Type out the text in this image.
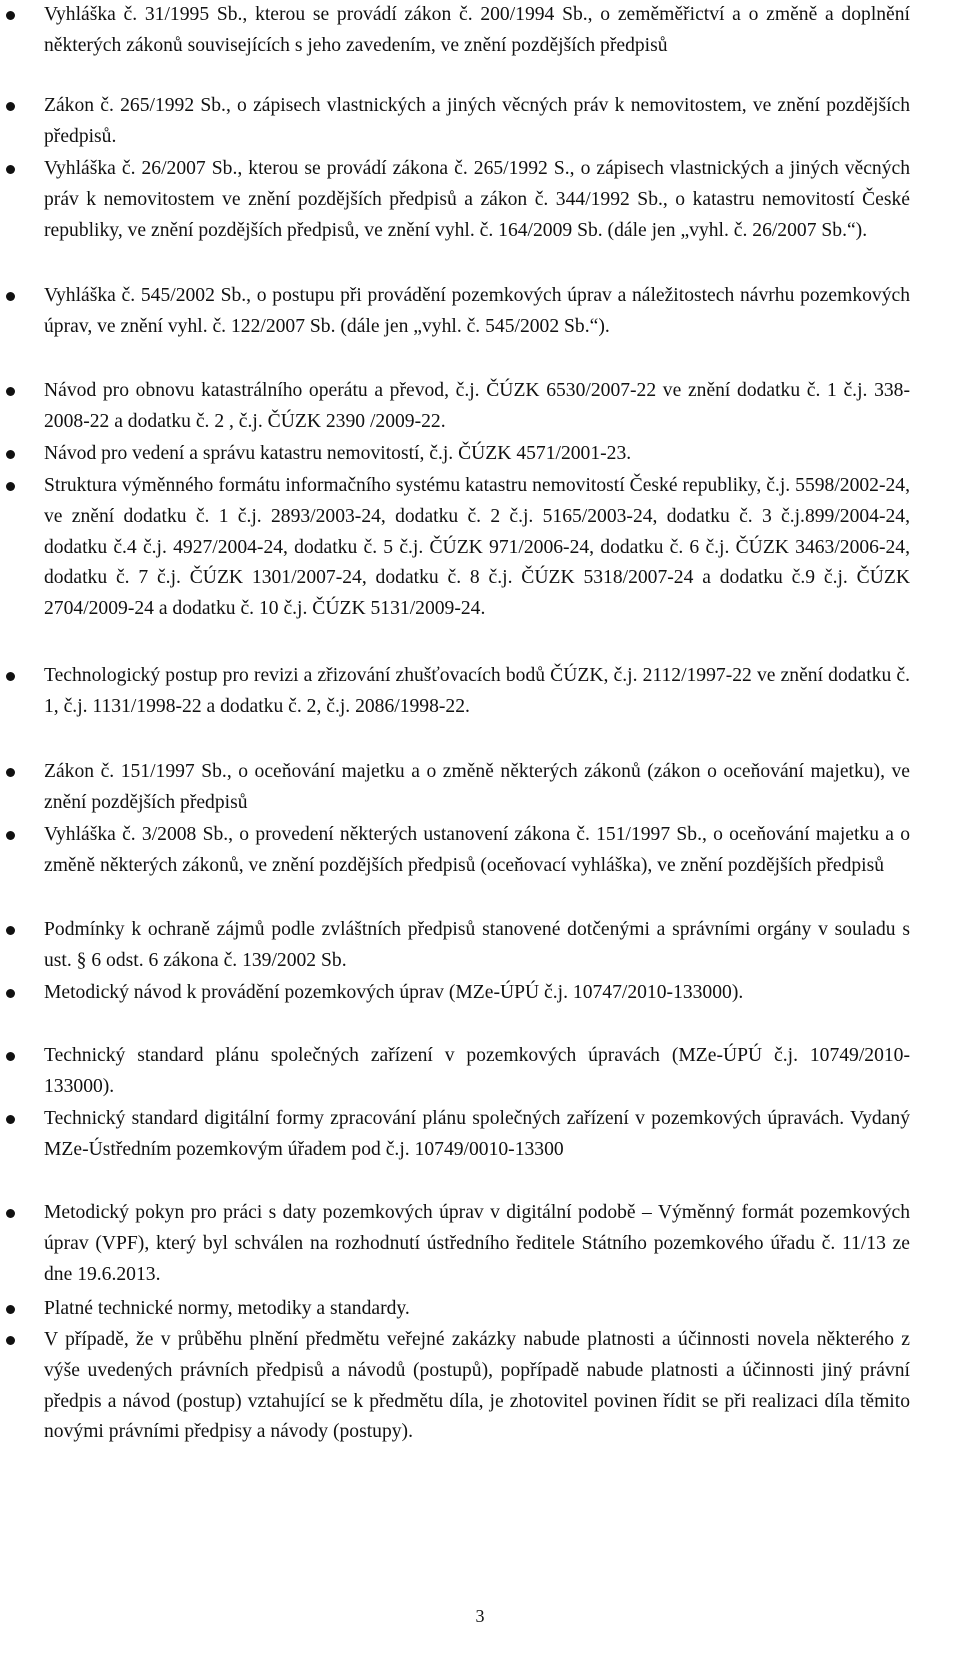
Vyhláška č. 31/1995 Sb., kterou se provádí zákon č. 200/1994 Sb., o zeměměřictví a o změně a doplnění některých zákonů souvisejících s jeho zavedením, ve znění pozdějších předpisů
Zákon č. 265/1992 Sb., o zápisech vlastnických a jiných věcných práv k nemovitostem, ve znění pozdějších předpisů.
Vyhláška č. 26/2007 Sb., kterou se provádí zákona č. 265/1992 S., o zápisech vlastnických a jiných věcných práv k nemovitostem ve znění pozdějších předpisů a zákon č. 344/1992 Sb., o katastru nemovitostí České republiky, ve znění pozdějších předpisů, ve znění vyhl. č. 164/2009 Sb. (dále jen „vyhl. č. 26/2007 Sb.“).
Vyhláška č. 545/2002 Sb., o postupu při provádění pozemkových úprav a náležitostech návrhu pozemkových úprav, ve znění vyhl. č. 122/2007 Sb. (dále jen „vyhl. č. 545/2002 Sb.“).
Návod pro obnovu katastrálního operátu a převod, č.j. ČÚZK 6530/2007-22 ve znění dodatku č. 1 č.j. 338-2008-22 a dodatku č. 2 , č.j. ČÚZK 2390 /2009-22.
Návod pro vedení a správu katastru nemovitostí, č.j. ČÚZK 4571/2001-23.
Struktura výměnného formátu informačního systému katastru nemovitostí České republiky, č.j. 5598/2002-24, ve znění dodatku č. 1 č.j. 2893/2003-24, dodatku č. 2 č.j. 5165/2003-24, dodatku č. 3 č.j.899/2004-24, dodatku č.4 č.j. 4927/2004-24, dodatku č. 5 č.j. ČÚZK 971/2006-24, dodatku č. 6 č.j. ČÚZK 3463/2006-24, dodatku č. 7 č.j. ČÚZK 1301/2007-24, dodatku č. 8 č.j. ČÚZK 5318/2007-24 a dodatku č.9 č.j. ČÚZK 2704/2009-24 a dodatku č. 10 č.j. ČÚZK 5131/2009-24.
Technologický postup pro revizi a zřizování zhušťovacích bodů ČÚZK, č.j. 2112/1997-22 ve znění dodatku č. 1, č.j. 1131/1998-22 a dodatku č. 2, č.j. 2086/1998-22.
Zákon č. 151/1997 Sb., o oceňování majetku a o změně některých zákonů (zákon o oceňování majetku), ve znění pozdějších předpisů
Vyhláška č. 3/2008 Sb., o provedení některých ustanovení zákona č. 151/1997 Sb., o oceňování majetku a o změně některých zákonů, ve znění pozdějších předpisů (oceňovací vyhláška), ve znění pozdějších předpisů
Podmínky k ochraně zájmů podle zvláštních předpisů stanovené dotčenými a správními orgány v souladu s ust. § 6 odst. 6 zákona č. 139/2002 Sb.
Metodický návod k provádění pozemkových úprav (MZe-ÚPÚ č.j. 10747/2010-133000).
Technický standard plánu společných zařízení v pozemkových úpravách (MZe-ÚPÚ č.j. 10749/2010-133000).
Technický standard digitální formy zpracování plánu společných zařízení v pozemkových úpravách. Vydaný MZe-Ústředním pozemkovým úřadem pod č.j. 10749/0010-13300
Metodický pokyn pro práci s daty pozemkových úprav v digitální podobě – Výměnný formát pozemkových úprav (VPF), který byl schválen na rozhodnutí ústředního ředitele Státního pozemkového úřadu č. 11/13 ze dne 19.6.2013.
Platné technické normy, metodiky a standardy.
V případě, že v průběhu plnění předmětu veřejné zakázky nabude platnosti a účinnosti novela některého z výše uvedených právních předpisů a návodů (postupů), popřípadě nabude platnosti a účinnosti jiný právní předpis a návod (postup) vztahující se k předmětu díla, je zhotovitel povinen řídit se při realizaci díla těmito novými právními předpisy a návody (postupy).
3
